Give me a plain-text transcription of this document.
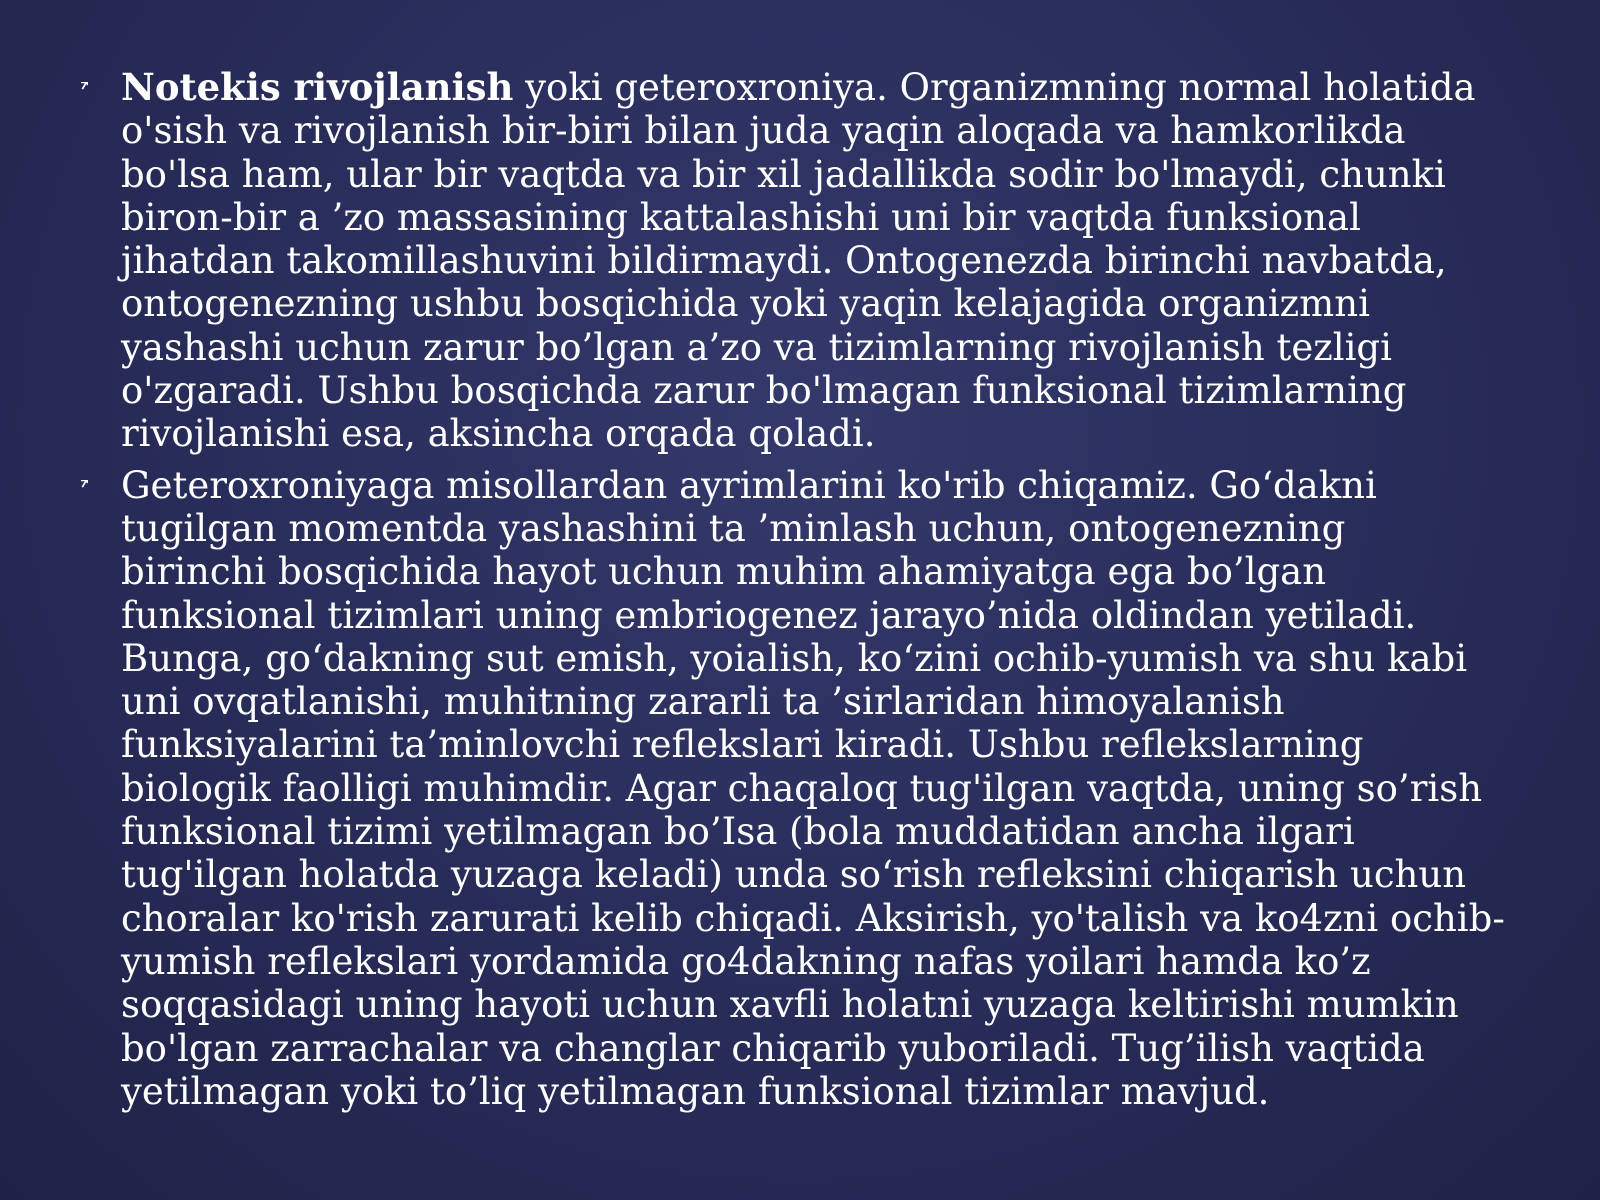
Notekis rivojlanish yoki geteroxroniya. Organizmning normal holatida
o'sish va rivojlanish bir-biri bilan juda yaqin aloqada va hamkorlikda
bo'lsa ham, ular bir vaqtda va bir xil jadallikda sodir bo'lmaydi, chunki
biron-bir a ’zo massasining kattalashishi uni bir vaqtda funksional
jihatdan takomillashuvini bildirmaydi. Ontogenezda birinchi navbatda,
ontogenezning ushbu bosqichida yoki yaqin kelajagida organizmni
yashashi uchun zarur bo’lgan a’zo va tizimlarning rivojlanish tezligi
o'zgaradi. Ushbu bosqichda zarur bo'lmagan funksional tizimlarning
rivojlanishi esa, aksincha orqada qoladi.
Geteroxroniyaga misollardan ayrimlarini ko'rib chiqamiz. Go‘dakni
tugilgan momentda yashashini ta ’minlash uchun, ontogenezning
birinchi bosqichida hayot uchun muhim ahamiyatga ega bo’lgan
funksional tizimlari uning embriogenez jarayo’nida oldindan yetiladi.
Bunga, go‘dakning sut emish, yoialish, ko‘zini ochib-yumish va shu kabi
uni ovqatlanishi, muhitning zararli ta ’sirlaridan himoyalanish
funksiyalarini ta’minlovchi reflekslari kiradi. Ushbu reflekslarning
biologik faolligi muhimdir. Agar chaqaloq tug'ilgan vaqtda, uning so’rish
funksional tizimi yetilmagan bo’Isa (bola muddatidan ancha ilgari
tug'ilgan holatda yuzaga keladi) unda so‘rish refleksini chiqarish uchun
choralar ko'rish zarurati kelib chiqadi. Aksirish, yo'talish va ko4zni ochib-
yumish reflekslari yordamida go4dakning nafas yoilari hamda ko’z
soqqasidagi uning hayoti uchun xavfli holatni yuzaga keltirishi mumkin
bo'lgan zarrachalar va changlar chiqarib yuboriladi. Tug’ilish vaqtida
yetilmagan yoki to’liq yetilmagan funksional tizimlar mavjud.
